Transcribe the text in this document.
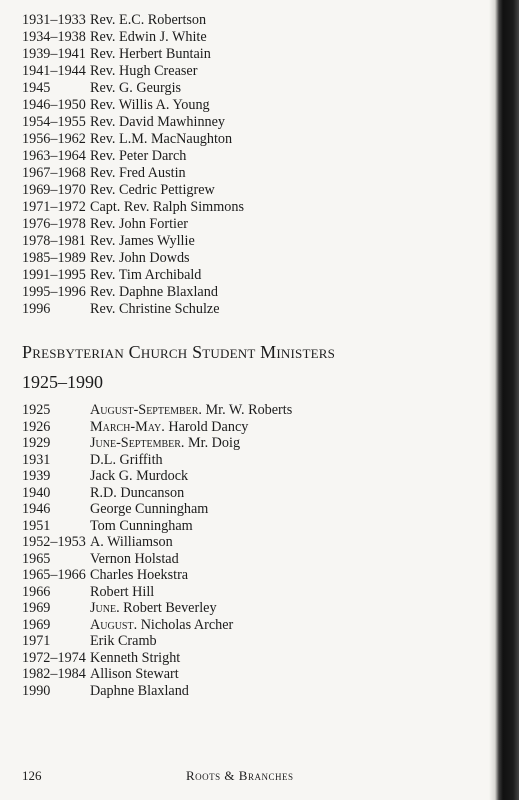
1931–1933 Rev. E.C. Robertson
1934–1938 Rev. Edwin J. White
1939–1941 Rev. Herbert Buntain
1941–1944 Rev. Hugh Creaser
1945	Rev. G. Geurgis
1946–1950 Rev. Willis A. Young
1954–1955 Rev. David Mawhinney
1956–1962 Rev. L.M. MacNaughton
1963–1964 Rev. Peter Darch
1967–1968 Rev. Fred Austin
1969–1970 Rev. Cedric Pettigrew
1971–1972 Capt. Rev. Ralph Simmons
1976–1978 Rev. John Fortier
1978–1981 Rev. James Wyllie
1985–1989 Rev. John Dowds
1991–1995 Rev. Tim Archibald
1995–1996 Rev. Daphne Blaxland
1996	Rev. Christine Schulze
Presbyterian Church Student Ministers
1925–1990
1925	August-September. Mr. W. Roberts
1926	March-May. Harold Dancy
1929	June-September. Mr. Doig
1931	D.L. Griffith
1939	Jack G. Murdock
1940	R.D. Duncanson
1946	George Cunningham
1951	Tom Cunningham
1952–1953 A. Williamson
1965	Vernon Holstad
1965–1966 Charles Hoekstra
1966	Robert Hill
1969	June. Robert Beverley
1969	August. Nicholas Archer
1971	Erik Cramb
1972–1974 Kenneth Stright
1982–1984 Allison Stewart
1990	Daphne Blaxland
126	Roots & Branches
